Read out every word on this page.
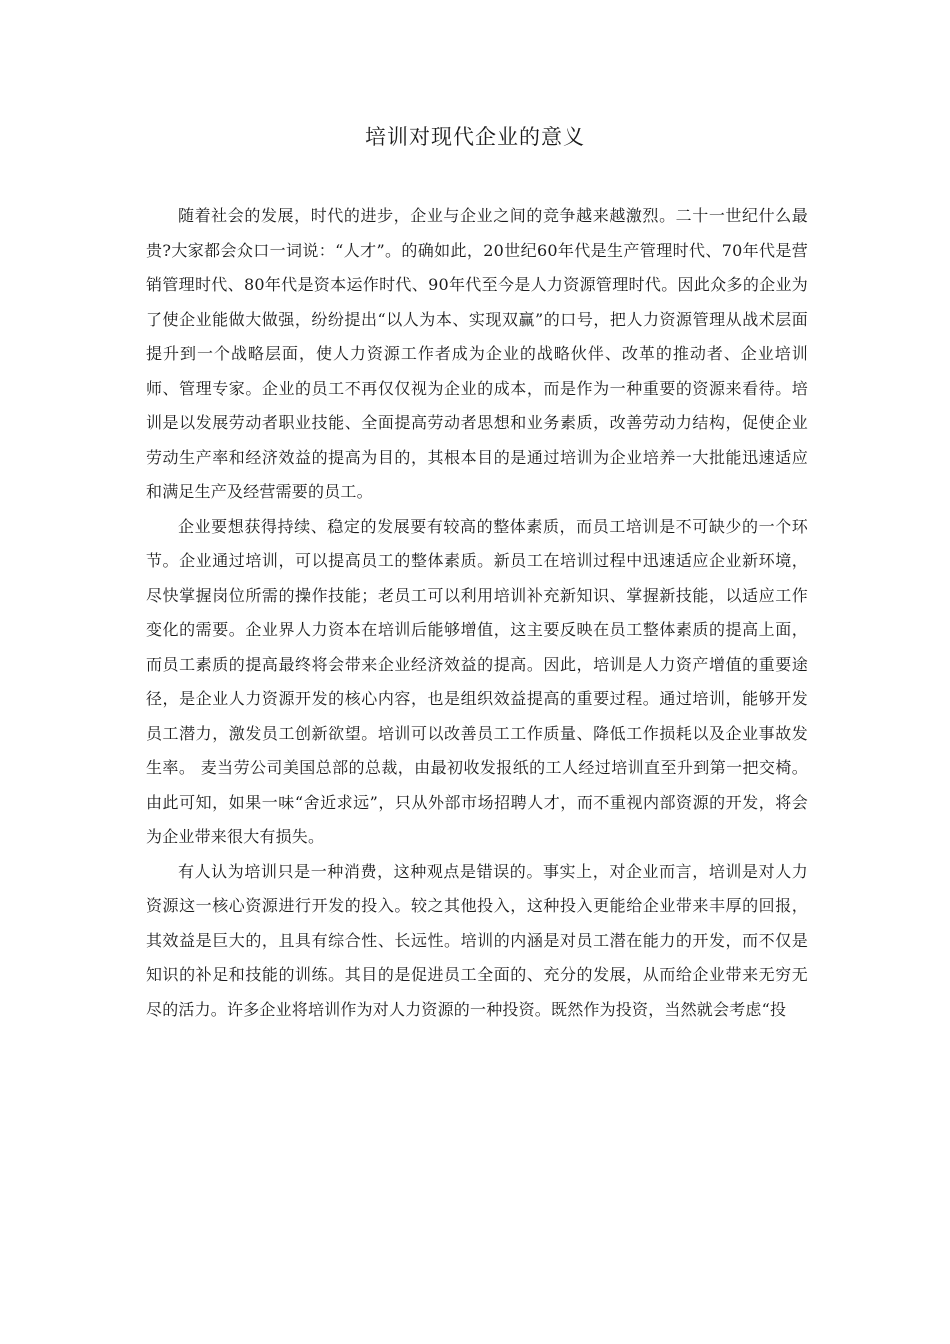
培训对现代企业的意义

随着社会的发展，时代的进步，企业与企业之间的竞争越来越激烈。二十一世纪什么最贵?大家都会众口一词说：“人才”。的确如此，20世纪60年代是生产管理时代、70年代是营销管理时代、80年代是资本运作时代、90年代至今是人力资源管理时代。因此众多的企业为了使企业能做大做强，纷纷提出“以人为本、实现双赢”的口号，把人力资源管理从战术层面提升到一个战略层面，使人力资源工作者成为企业的战略伙伴、改革的推动者、企业培训师、管理专家。企业的员工不再仅仅视为企业的成本，而是作为一种重要的资源来看待。培训是以发展劳动者职业技能、全面提高劳动者思想和业务素质，改善劳动力结构，促使企业劳动生产率和经济效益的提高为目的，其根本目的是通过培训为企业培养一大批能迅速适应和满足生产及经营需要的员工。

企业要想获得持续、稳定的发展要有较高的整体素质，而员工培训是不可缺少的一个环节。企业通过培训，可以提高员工的整体素质。新员工在培训过程中迅速适应企业新环境，尽快掌握岗位所需的操作技能；老员工可以利用培训补充新知识、掌握新技能，以适应工作变化的需要。企业界人力资本在培训后能够增值，这主要反映在员工整体素质的提高上面，而员工素质的提高最终将会带来企业经济效益的提高。因此，培训是人力资产增值的重要途径，是企业人力资源开发的核心内容，也是组织效益提高的重要过程。通过培训，能够开发员工潜力，激发员工创新欲望。培训可以改善员工工作质量、降低工作损耗以及企业事故发生率。 麦当劳公司美国总部的总裁，由最初收发报纸的工人经过培训直至升到第一把交椅。由此可知，如果一味“舍近求远”，只从外部市场招聘人才，而不重视内部资源的开发，将会为企业带来很大有损失。

有人认为培训只是一种消费，这种观点是错误的。事实上，对企业而言，培训是对人力资源这一核心资源进行开发的投入。较之其他投入，这种投入更能给企业带来丰厚的回报，其效益是巨大的，且具有综合性、长远性。培训的内涵是对员工潜在能力的开发，而不仅是知识的补足和技能的训练。其目的是促进员工全面的、充分的发展，从而给企业带来无穷无尽的活力。许多企业将培训作为对人力资源的一种投资。既然作为投资，当然就会考虑“投
